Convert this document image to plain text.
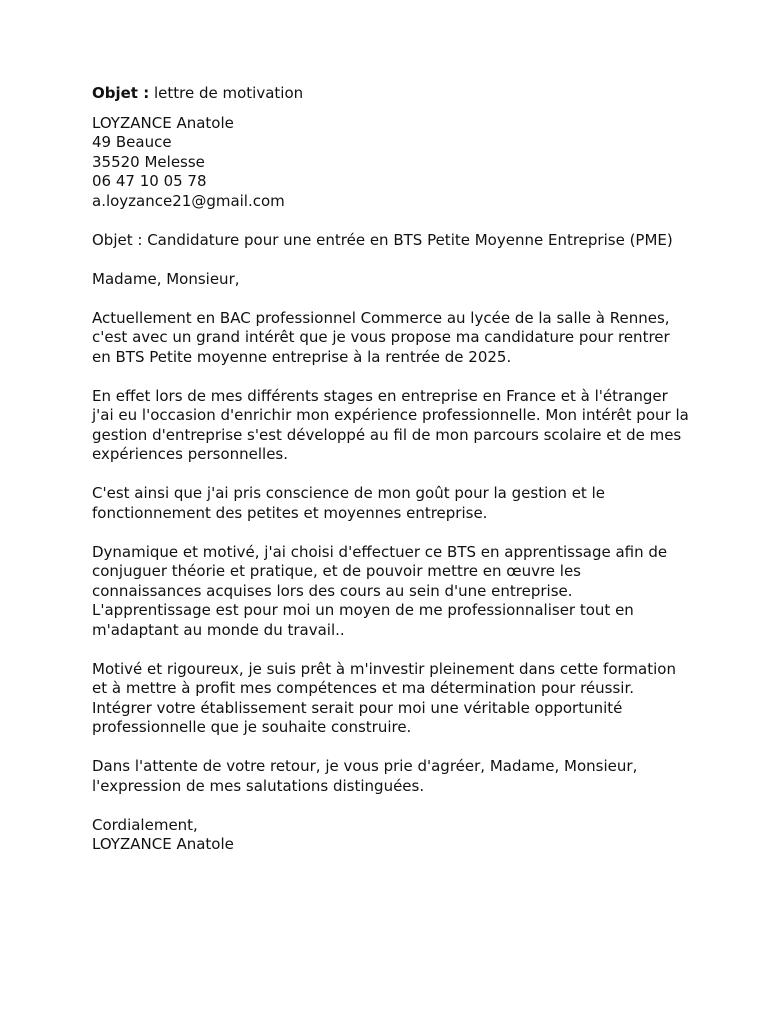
Objet : lettre de motivation
LOYZANCE Anatole
49 Beauce
35520 Melesse
06 47 10 05 78
a.loyzance21@gmail.com

Objet : Candidature pour une entrée en BTS Petite Moyenne Entreprise (PME)

Madame, Monsieur,

Actuellement en BAC professionnel Commerce au lycée de la salle à Rennes, c'est avec un grand intérêt que je vous propose ma candidature pour rentrer en BTS Petite moyenne entreprise à la rentrée de 2025.

En effet lors de mes différents stages en entreprise en France et à l'étranger j'ai eu l'occasion d'enrichir mon expérience professionnelle. Mon intérêt pour la gestion d'entreprise s'est développé au fil de mon parcours scolaire et de mes expériences personnelles.

C'est ainsi que j'ai pris conscience de mon goût pour la gestion et le fonctionnement des petites et moyennes entreprise.

Dynamique et motivé, j'ai choisi d'effectuer ce BTS en apprentissage afin de conjuguer théorie et pratique, et de pouvoir mettre en œuvre les connaissances acquises lors des cours au sein d'une entreprise. L'apprentissage est pour moi un moyen de me professionnaliser tout en m'adaptant au monde du travail..

Motivé et rigoureux, je suis prêt à m'investir pleinement dans cette formation et à mettre à profit mes compétences et ma détermination pour réussir. Intégrer votre établissement serait pour moi une véritable opportunité professionnelle que je souhaite construire.

Dans l'attente de votre retour, je vous prie d'agréer, Madame, Monsieur, l'expression de mes salutations distinguées.

Cordialement,
LOYZANCE Anatole
